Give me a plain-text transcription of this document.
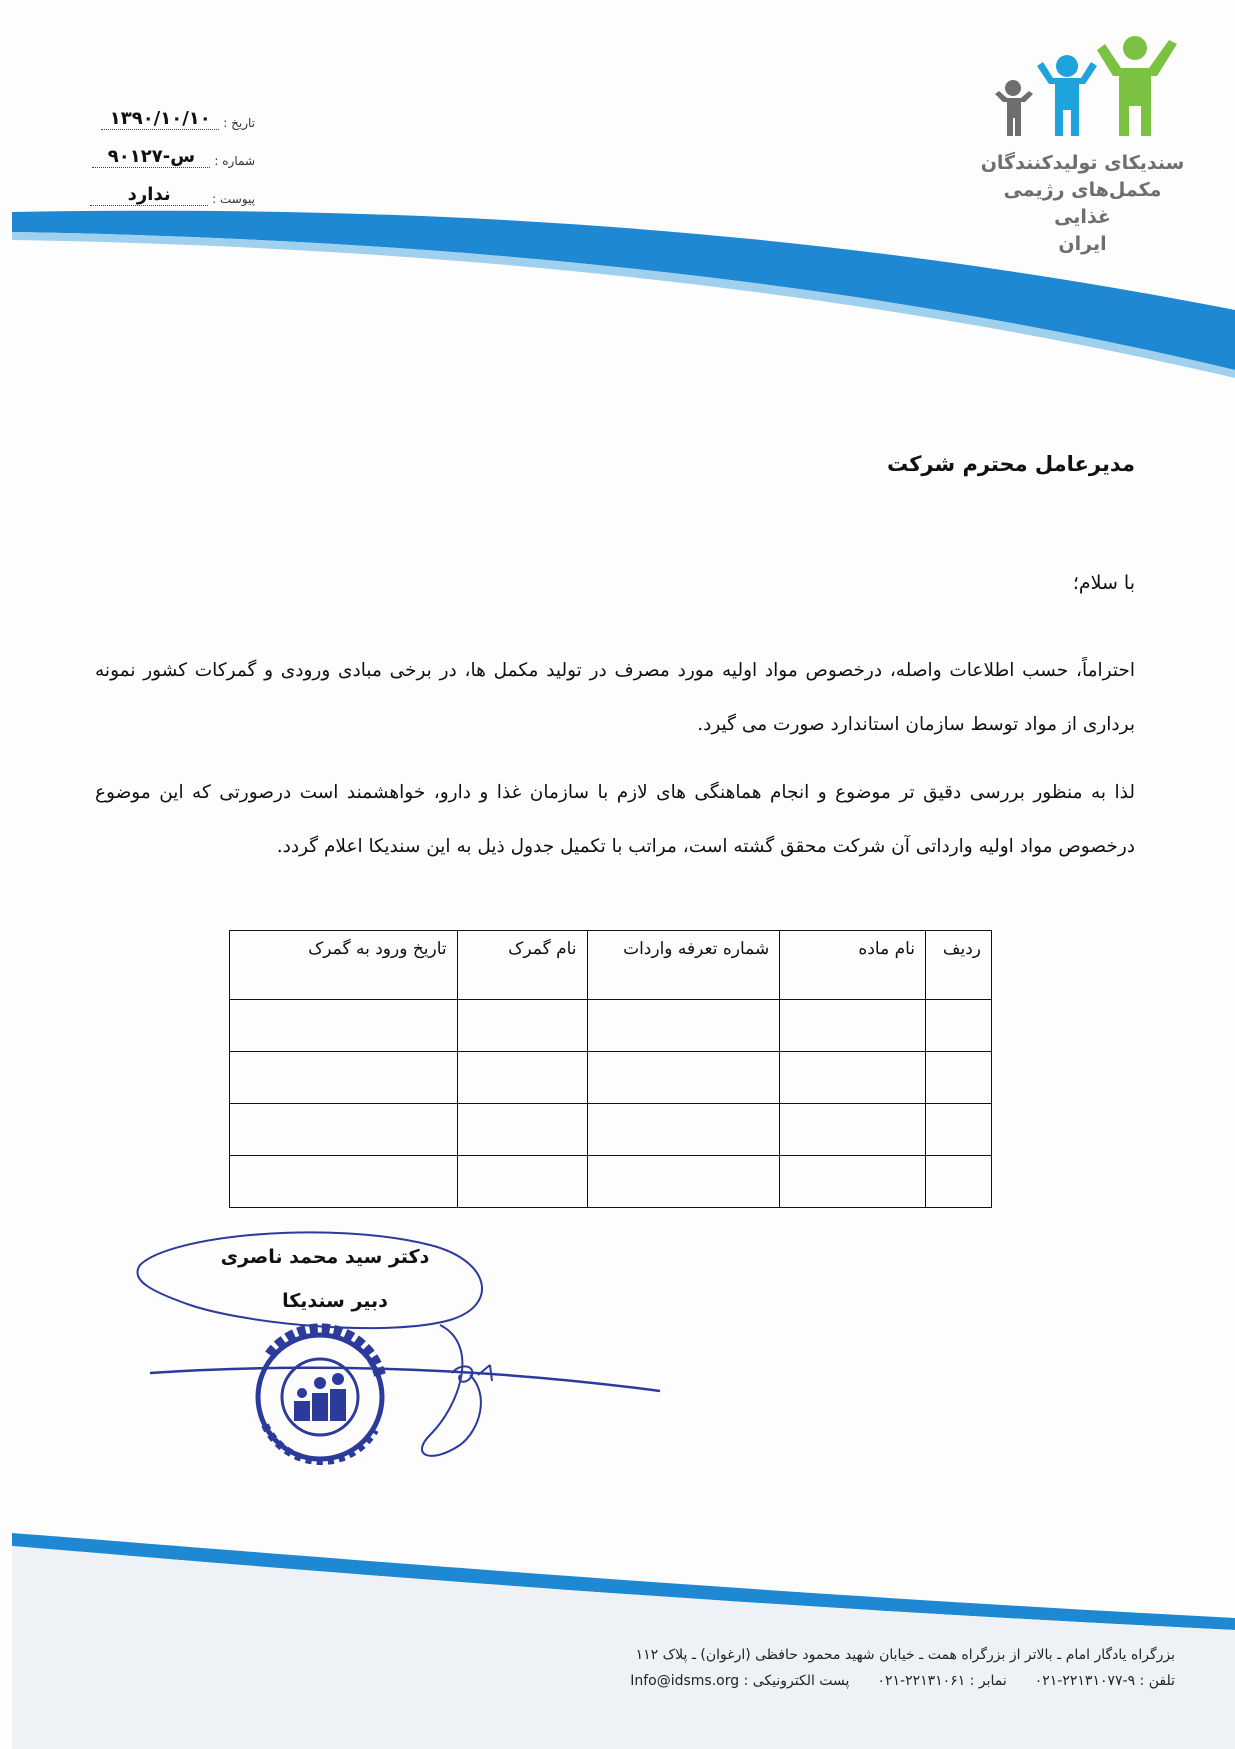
تاریخ :
۱۳۹۰/۱۰/۱۰
شماره :
س-۹۰۱۲۷
پیوست :
ندارد
سندیکای تولیدکنندگان
مکمل‌های رژیمی غذایی
ایران
مدیرعامل محترم شرکت
با سلام؛
احتراماً، حسب اطلاعات واصله، درخصوص مواد اولیه مورد مصرف در تولید مکمل ها، در برخی مبادی ورودی و گمرکات کشور نمونه برداری از مواد توسط سازمان استاندارد صورت می گیرد.
لذا به منظور بررسی دقیق تر موضوع و انجام هماهنگی های لازم با سازمان غذا و دارو، خواهشمند است درصورتی که این موضوع درخصوص مواد اولیه وارداتی آن شرکت محقق گشته است، مراتب با تکمیل جدول ذیل به این سندیکا اعلام گردد.
ردیف	نام ماده	شماره تعرفه واردات	نام گمرک	تاریخ ورود به گمرک

دکتر سید محمد ناصری
دبیر سندیکا
بزرگراه یادگار امام ـ بالاتر از بزرگراه همت ـ خیابان شهید محمود حافظی (ارغوان) ـ پلاک ۱۱۲
تلفن : ۹-۲۲۱۳۱۰۷۷-۰۲۱
نمابر : ۲۲۱۳۱۰۶۱-۰۲۱
پست الکترونیکی : Info@idsms.org
